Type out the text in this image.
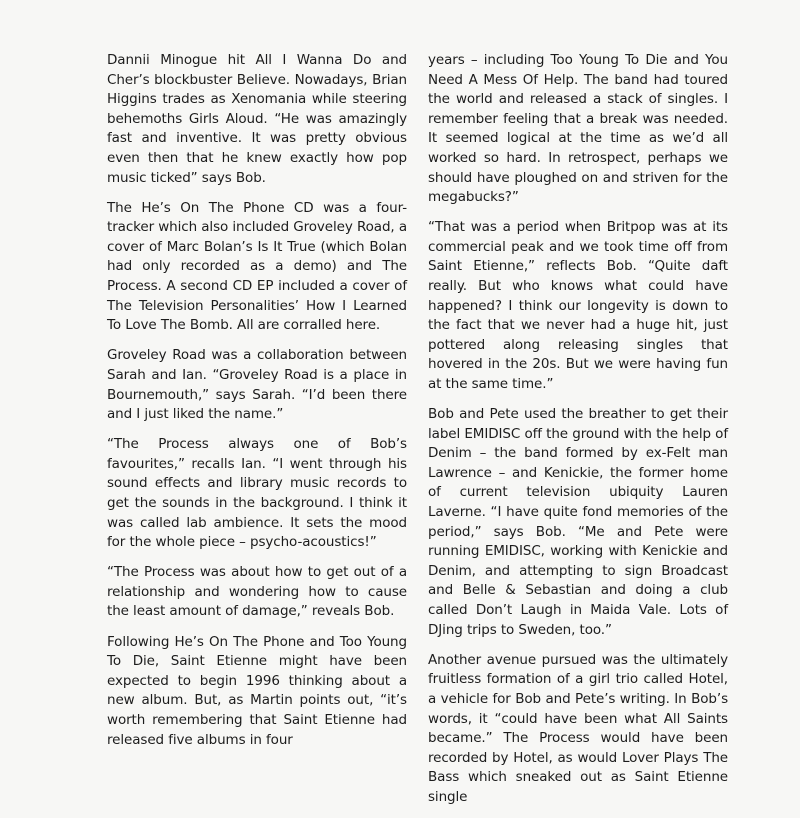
Dannii Minogue hit All I Wanna Do and Cher’s blockbuster Believe. Nowadays, Brian Higgins trades as Xenomania while steering behemoths Girls Aloud. “He was amazingly fast and inventive. It was pretty obvious even then that he knew exactly how pop music ticked” says Bob.

The He’s On The Phone CD was a four-tracker which also included Groveley Road, a cover of Marc Bolan’s Is It True (which Bolan had only recorded as a demo) and The Process. A second CD EP included a cover of The Television Personalities’ How I Learned To Love The Bomb. All are corralled here.

Groveley Road was a collaboration between Sarah and Ian. “Groveley Road is a place in Bournemouth,” says Sarah. “I’d been there and I just liked the name.”

“The Process always one of Bob’s favourites,” recalls Ian. “I went through his sound effects and library music records to get the sounds in the background. I think it was called lab ambience. It sets the mood for the whole piece – psycho-acoustics!”

“The Process was about how to get out of a relationship and wondering how to cause the least amount of damage,” reveals Bob.

Following He’s On The Phone and Too Young To Die, Saint Etienne might have been expected to begin 1996 thinking about a new album. But, as Martin points out, “it’s worth remembering that Saint Etienne had released five albums in four

years – including Too Young To Die and You Need A Mess Of Help. The band had toured the world and released a stack of singles. I remember feeling that a break was needed. It seemed logical at the time as we’d all worked so hard. In retrospect, perhaps we should have ploughed on and striven for the megabucks?”

“That was a period when Britpop was at its commercial peak and we took time off from Saint Etienne,” reflects Bob. “Quite daft really. But who knows what could have happened? I think our longevity is down to the fact that we never had a huge hit, just pottered along releasing singles that hovered in the 20s. But we were having fun at the same time.”

Bob and Pete used the breather to get their label EMIDISC off the ground with the help of Denim – the band formed by ex-Felt man Lawrence – and Kenickie, the former home of current television ubiquity Lauren Laverne. “I have quite fond memories of the period,” says Bob. “Me and Pete were running EMIDISC, working with Kenickie and Denim, and attempting to sign Broadcast and Belle & Sebastian and doing a club called Don’t Laugh in Maida Vale. Lots of DJing trips to Sweden, too.”

Another avenue pursued was the ultimately fruitless formation of a girl trio called Hotel, a vehicle for Bob and Pete’s writing. In Bob’s words, it “could have been what All Saints became.” The Process would have been recorded by Hotel, as would Lover Plays The Bass which sneaked out as Saint Etienne single
